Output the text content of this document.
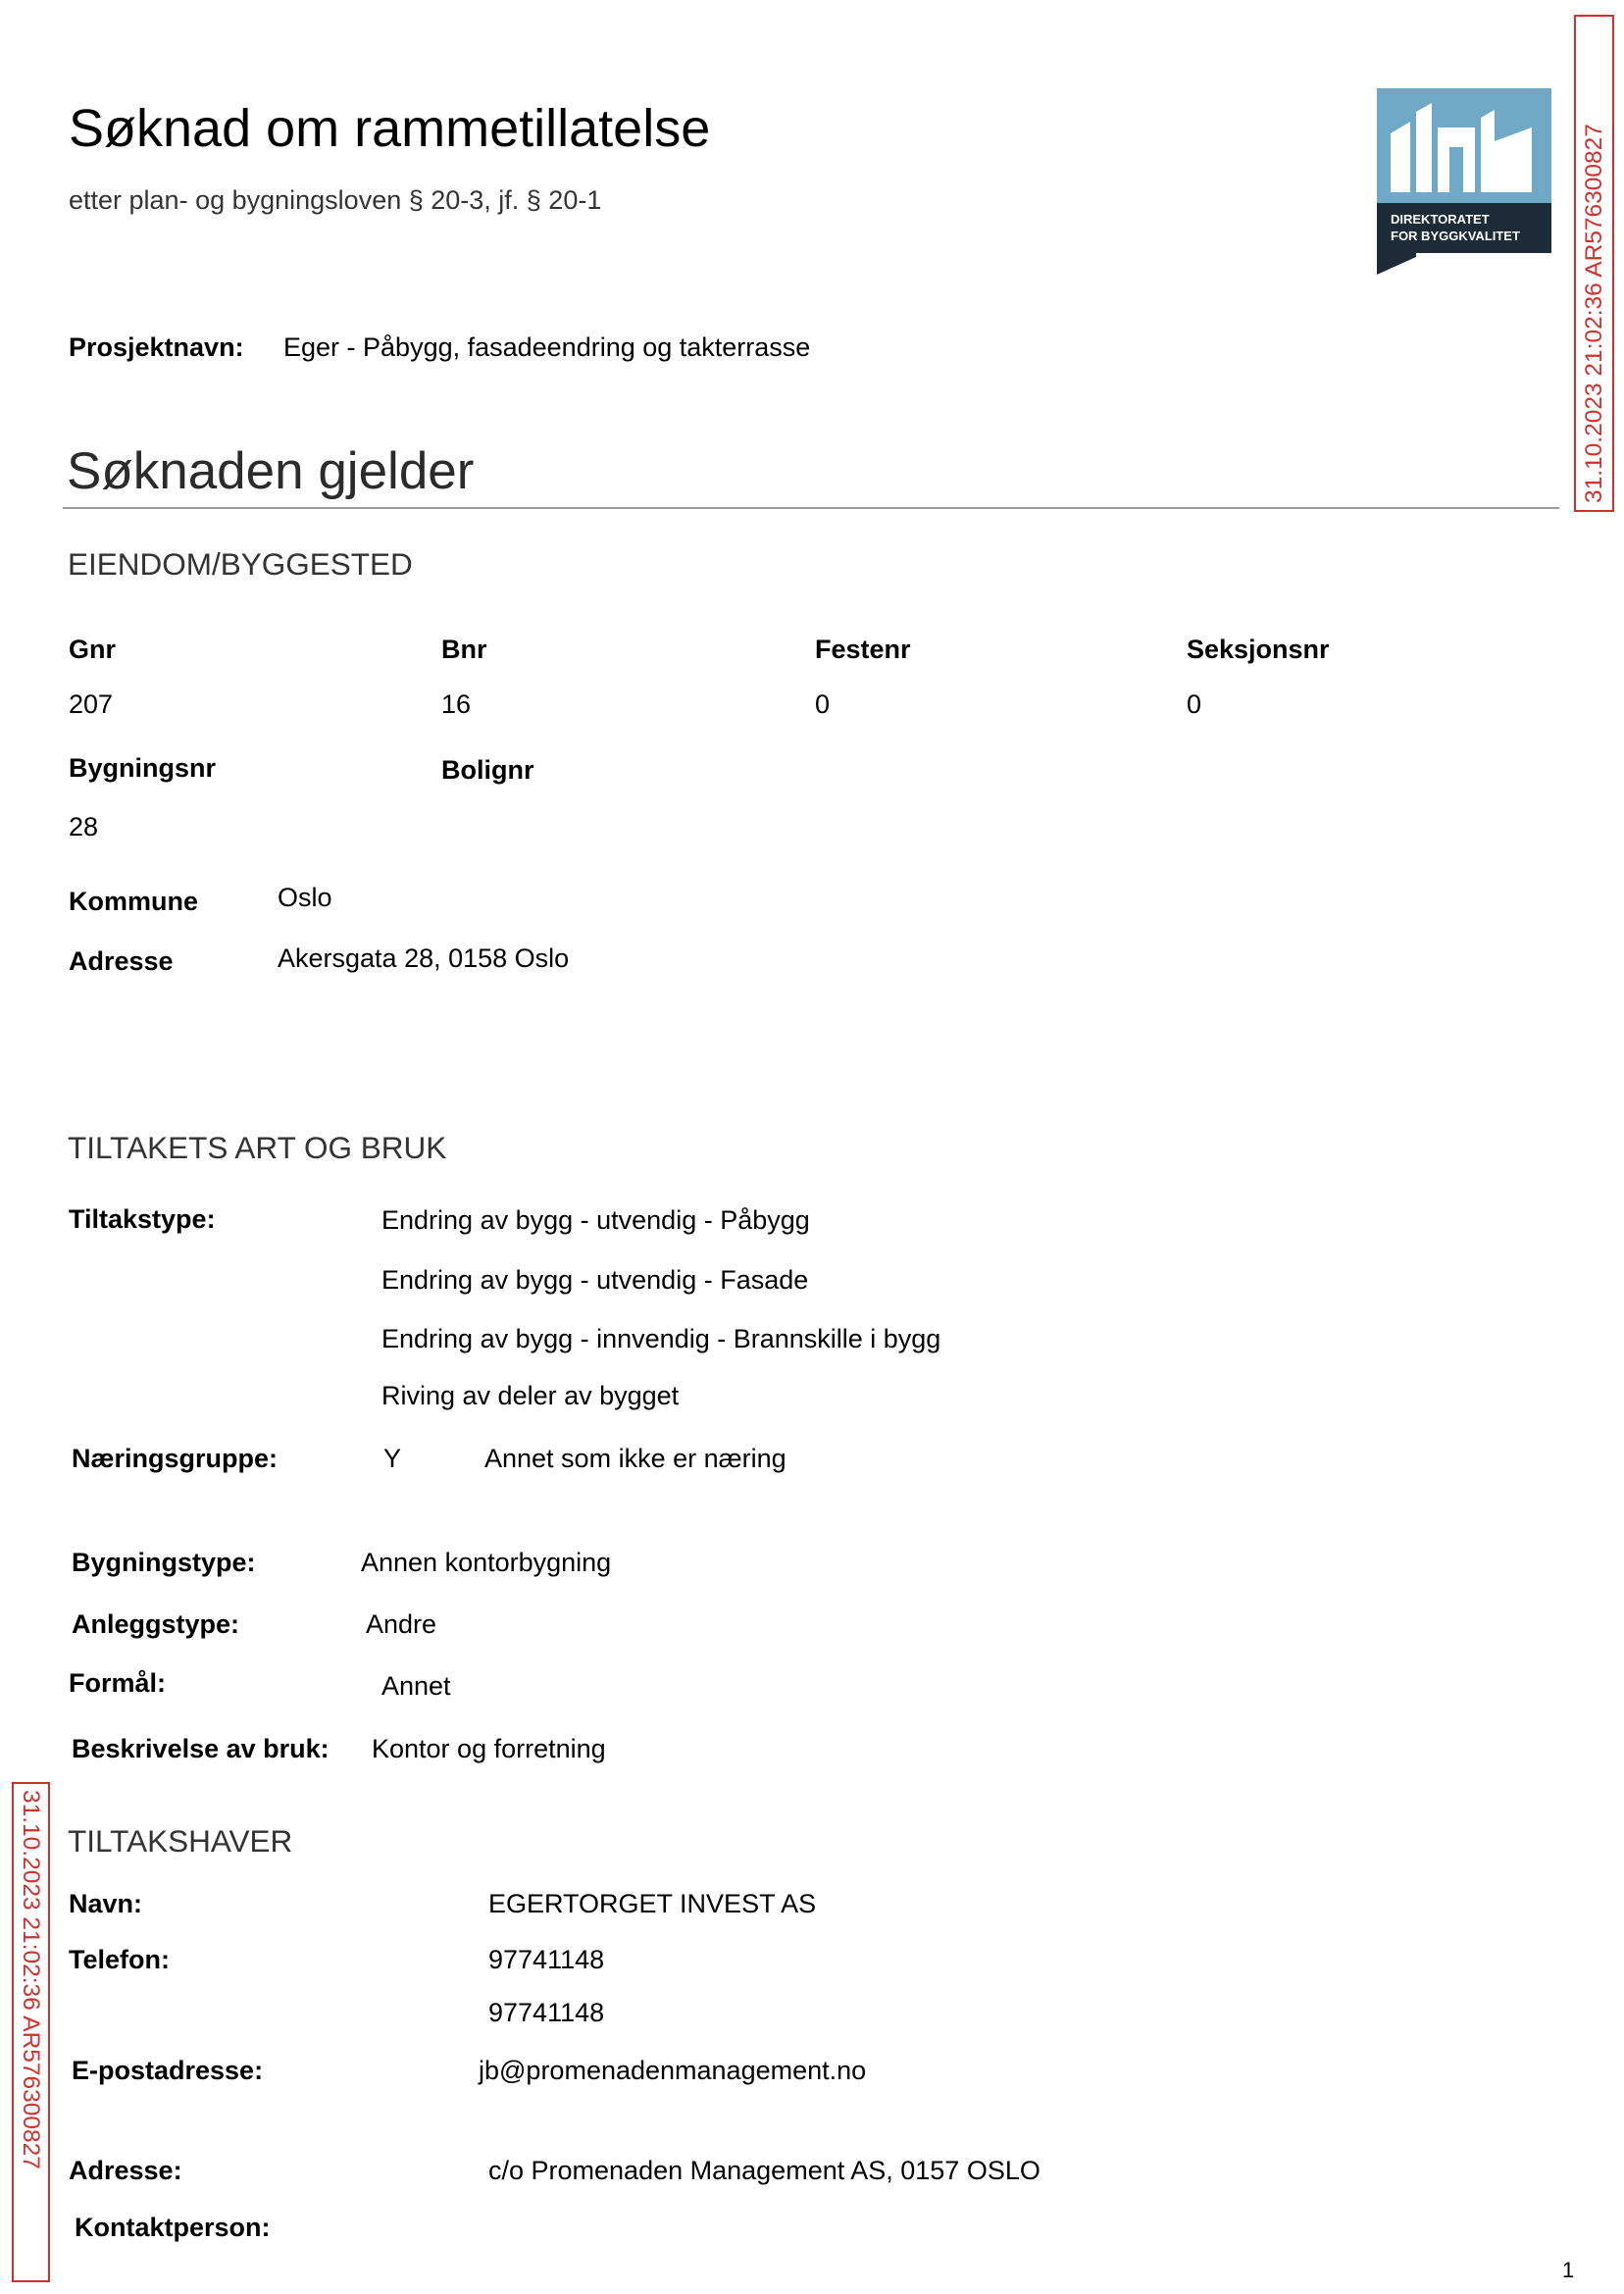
Søknad om rammetillatelse
etter plan- og bygningsloven § 20-3, jf. § 20-1
Prosjektnavn: Eger - Påbygg, fasadeendring og takterrasse
DIREKTORATET
FOR BYGGKVALITET	31.10.2023 21:02:36 AR576300827
31.10.2023 21:02:36 AR576300827
Søknaden gjelder
EIENDOM/BYGGESTED
Gnr	Bnr	Festenr	Seksjonsnr
207	16	0	0
Bygningsnr	Bolignr
28
Kommune	Oslo
Adresse	Akersgata 28, 0158 Oslo
TILTAKETS ART OG BRUK
Tiltakstype:	Endring av bygg - utvendig - Påbygg
Endring av bygg - utvendig - Fasade
Endring av bygg - innvendig - Brannskille i bygg
Riving av deler av bygget
Næringsgruppe:	Y	Annet som ikke er næring
Bygningstype:	Annen kontorbygning
Anleggstype:	Andre
Formål:	Annet
Beskrivelse av bruk: Kontor og forretning
TILTAKSHAVER
Navn:	EGERTORGET INVEST AS
Telefon:	97741148
97741148
E-postadresse:	jb@promenadenmanagement.no
Adresse:	c/o Promenaden Management AS, 0157 OSLO
Kontaktperson:
1
